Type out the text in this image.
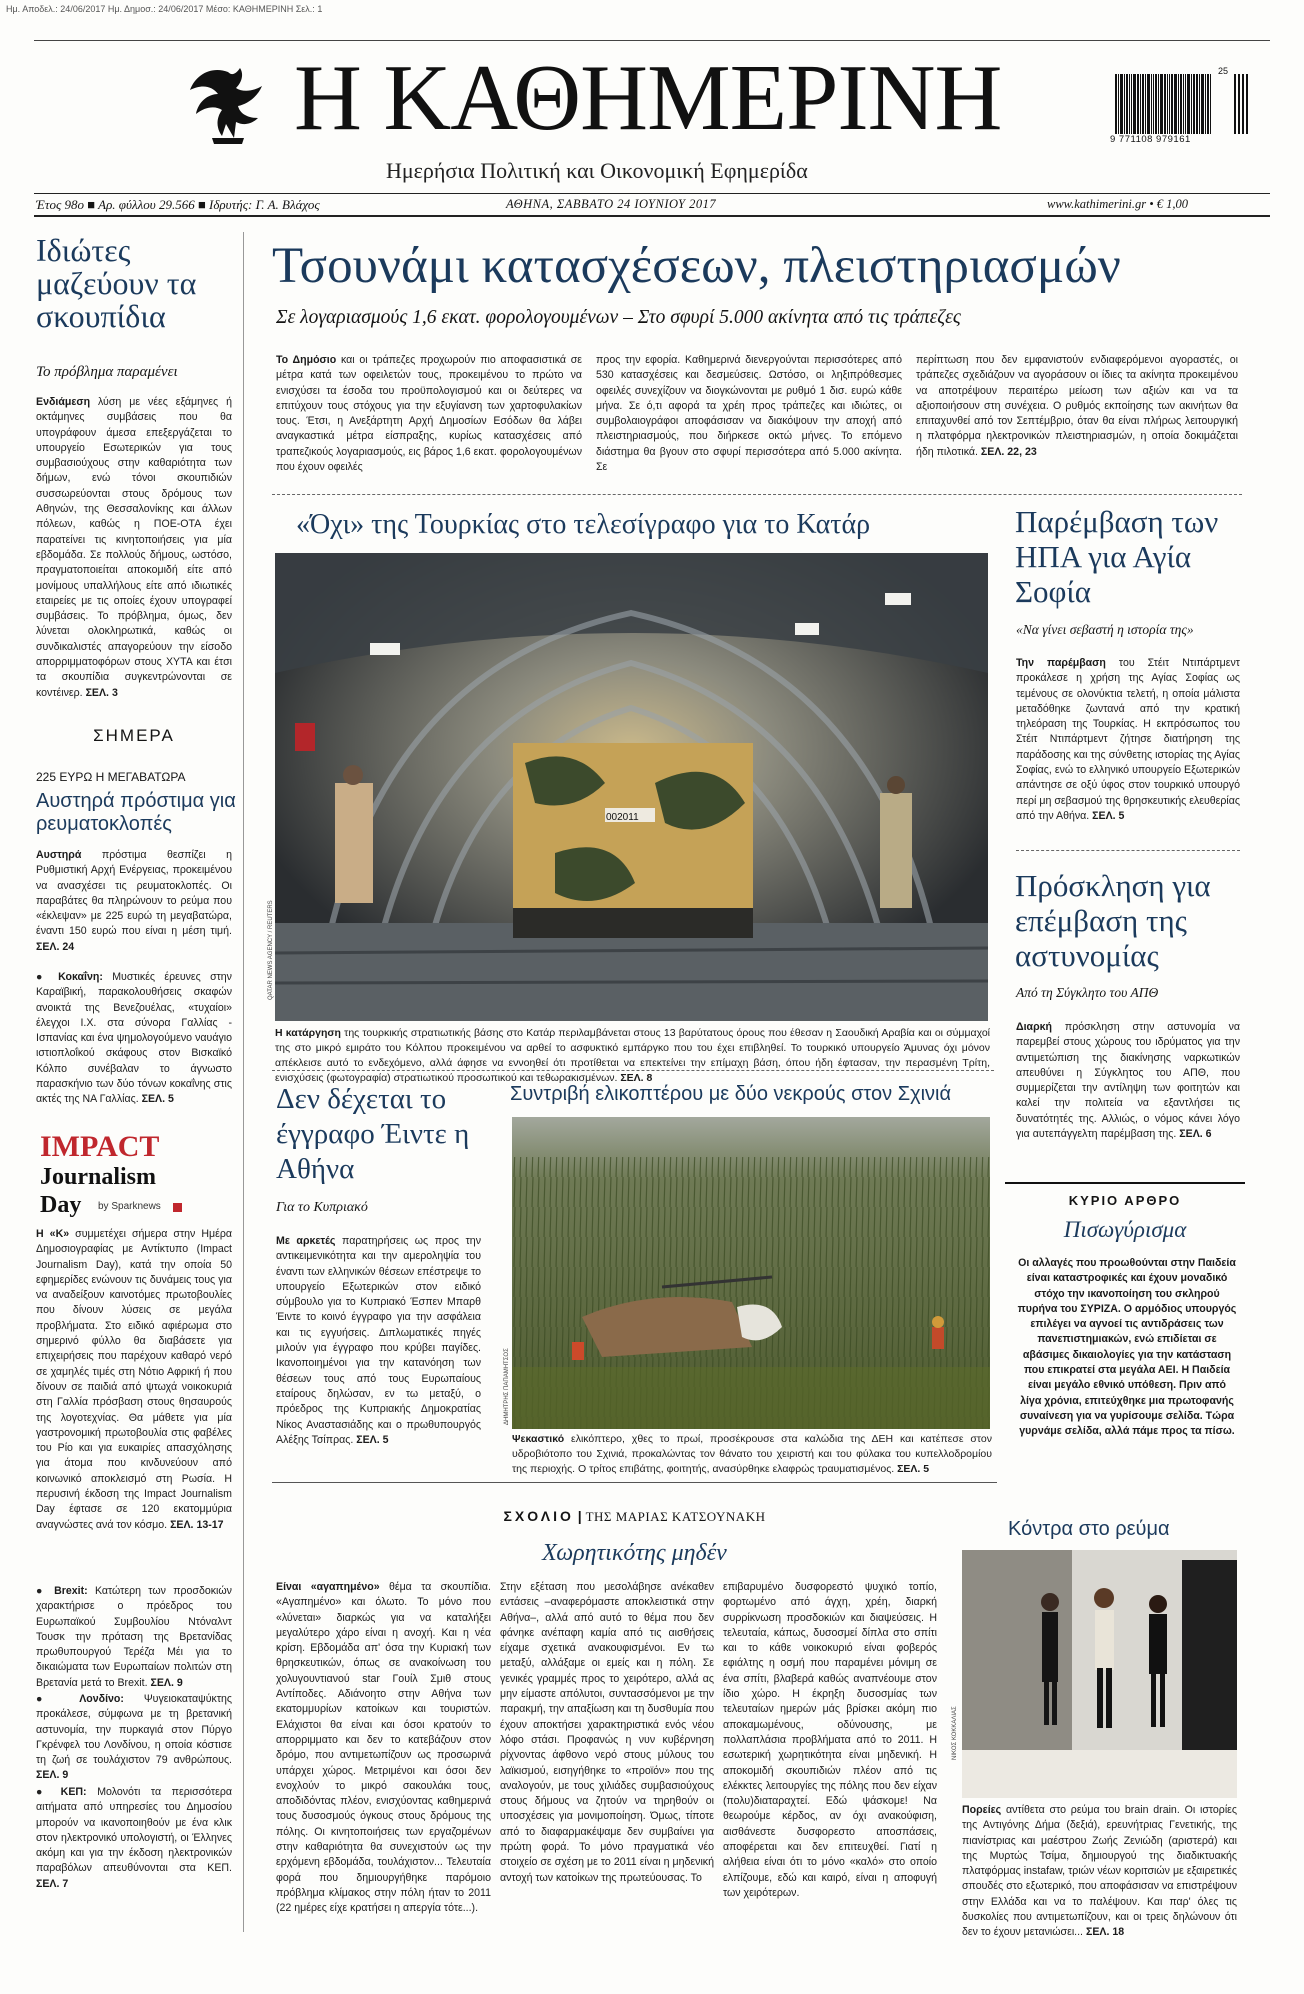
Ημ. Αποδελ.: 24/06/2017 Ημ. Δημοσ.: 24/06/2017 Μέσο: ΚΑΘΗΜΕΡΙΝΗ Σελ.: 1
Η ΚΑΘΗΜΕΡΙΝΗ
Ημερήσια Πολιτική και Οικονομική Εφημερίδα
25
9 771108 979161
Έτος 98ο ■ Αρ. φύλλου 29.566 ■ Ιδρυτής: Γ. Α. Βλάχος	ΑΘΗΝΑ, ΣΑΒΒΑΤΟ 24 ΙΟΥΝΙΟΥ 2017	www.kathimerini.gr • € 1,00
Ιδιώτες μαζεύουν τα σκουπίδια
Το πρόβλημα παραμένει
Ενδιάμεση λύση με νέες εξάμηνες ή οκτάμηνες συμβάσεις που θα υπογράφουν άμεσα επεξεργάζεται το υπουργείο Εσωτερικών για τους συμβασιούχους στην καθαριότητα των δήμων, ενώ τόνοι σκουπιδιών συσσωρεύονται στους δρόμους των Αθηνών, της Θεσσαλονίκης και άλλων πόλεων, καθώς η ΠΟΕ-ΟΤΑ έχει παρατείνει τις κινητοποιήσεις για μία εβδομάδα. Σε πολλούς δήμους, ωστόσο, πραγματοποιείται αποκομιδή είτε από μονίμους υπαλλήλους είτε από ιδιωτικές εταιρείες με τις οποίες έχουν υπογραφεί συμβάσεις. Το πρόβλημα, όμως, δεν λύνεται ολοκληρωτικά, καθώς οι συνδικαλιστές απαγορεύουν την είσοδο απορριμματοφόρων στους ΧΥΤΑ και έτσι τα σκουπίδια συγκεντρώνονται σε κοντέινερ. ΣΕΛ. 3
ΣΗΜΕΡΑ
225 ΕΥΡΩ Η ΜΕΓΑΒΑΤΩΡΑ
Αυστηρά πρόστιμα για ρευματοκλοπές
Αυστηρά πρόστιμα θεσπίζει η Ρυθμιστική Αρχή Ενέργειας, προκειμένου να ανασχέσει τις ρευματοκλοπές. Οι παραβάτες θα πληρώνουν το ρεύμα που «έκλεψαν» με 225 ευρώ τη μεγαβατώρα, έναντι 150 ευρώ που είναι η μέση τιμή. ΣΕΛ. 24
● Κοκαΐνη: Μυστικές έρευνες στην Καραϊβική, παρακολουθήσεις σκαφών ανοικτά της Βενεζουέλας, «τυχαίοι» έλεγχοι Ι.Χ. στα σύνορα Γαλλίας - Ισπανίας και ένα ψημολογούμενο ναυάγιο ιστιοπλοΐκού σκάφους στον Βισκαϊκό Κόλπο συνέβαλαν το άγνωστο παρασκήνιο των δύο τόνων κοκαΐνης στις ακτές της ΝΑ Γαλλίας. ΣΕΛ. 5
IMPACT
Journalism
Day by Sparknews
Η «Κ» συμμετέχει σήμερα στην Ημέρα Δημοσιογραφίας με Αντίκτυπο (Impact Journalism Day), κατά την οποία 50 εφημερίδες ενώνουν τις δυνάμεις τους για να αναδείξουν καινοτόμες πρωτοβουλίες που δίνουν λύσεις σε μεγάλα προβλήματα. Στο ειδικό αφιέρωμα στο σημερινό φύλλο θα διαβάσετε για επιχειρήσεις που παρέχουν καθαρό νερό σε χαμηλές τιμές στη Νότιο Αφρική ή που δίνουν σε παιδιά από ψτωχά νοικοκυριά στη Γαλλία πρόσβαση στους θησαυρούς της λογοτεχνίας. Θα μάθετε για μία γαστρονομική πρωτοβουλία στις φαβέλες του Ρίο και για ευκαιρίες απασχόλησης για άτομα που κινδυνεύουν από κοινωνικό αποκλεισμό στη Ρωσία. Η περυσινή έκδοση της Impact Journalism Day έφτασε σε 120 εκατομμύρια αναγνώστες ανά τον κόσμο. ΣΕΛ. 13-17
● Brexit: Κατώτερη των προσδοκιών χαρακτήρισε ο πρόεδρος του Ευρωπαϊκού Συμβουλίου Ντόναλντ Τουσκ την πρόταση της Βρετανίδας πρωθυπουργού Τερέζα Μέι για το δικαιώματα των Ευρωπαίων πολιτών στη Βρετανία μετά το Brexit. ΣΕΛ. 9
● Λονδίνο: Ψυγειοκαταψύκτης προκάλεσε, σύμφωνα με τη βρετανική αστυνομία, την πυρκαγιά στον Πύργο Γκρένφελ του Λονδίνου, η οποία κόστισε τη ζωή σε τουλάχιστον 79 ανθρώπους. ΣΕΛ. 9
● ΚΕΠ: Μολονότι τα περισσότερα αιτήματα από υπηρεσίες του Δημοσίου μπορούν να ικανοποιηθούν με ένα κλικ στον ηλεκτρονικό υπολογιστή, οι Έλληνες ακόμη και για την έκδοση ηλεκτρονικών παραβόλων απευθύνονται στα ΚΕΠ. ΣΕΛ. 7
Τσουνάμι κατασχέσεων, πλειστηριασμών
Σε λογαριασμούς 1,6 εκατ. φορολογουμένων – Στο σφυρί 5.000 ακίνητα από τις τράπεζες
Το Δημόσιο και οι τράπεζες προχωρούν πιο αποφασιστικά σε μέτρα κατά των οφειλετών τους, προκειμένου το πρώτο να ενισχύσει τα έσοδα του προϋπολογισμού και οι δεύτερες να επιτύχουν τους στόχους για την εξυγίανση των χαρτοφυλακίων τους. Έτσι, η Ανεξάρτητη Αρχή Δημοσίων Εσόδων θα λάβει αναγκαστικά μέτρα είσπραξης, κυρίως κατασχέσεις από τραπεζικούς λογαριασμούς, εις βάρος 1,6 εκατ. φορολογουμένων που έχουν οφειλές
προς την εφορία. Καθημερινά διενεργούνται περισσότερες από 530 κατασχέσεις και δεσμεύσεις. Ωστόσο, οι ληξιπρόθεσμες οφειλές συνεχίζουν να διογκώνονται με ρυθμό 1 δισ. ευρώ κάθε μήνα. Σε ό,τι αφορά τα χρέη προς τράπεζες και ιδιώτες, οι συμβολαιογράφοι αποφάσισαν να διακόψουν την αποχή από πλειστηριασμούς, που διήρκεσε οκτώ μήνες. Το επόμενο διάστημα θα βγουν στο σφυρί περισσότερα από 5.000 ακίνητα. Σε
περίπτωση που δεν εμφανιστούν ενδιαφερόμενοι αγοραστές, οι τράπεζες σχεδιάζουν να αγοράσουν οι ίδιες τα ακίνητα προκειμένου να αποτρέψουν περαιτέρω μείωση των αξιών και να τα αξιοποιήσουν στη συνέχεια. Ο ρυθμός εκποίησης των ακινήτων θα επιταχυνθεί από τον Σεπτέμβριο, όταν θα είναι πλήρως λειτουργική η πλατφόρμα ηλεκτρονικών πλειστηριασμών, η οποία δοκιμάζεται ήδη πιλοτικά. ΣΕΛ. 22, 23
«Όχι» της Τουρκίας στο τελεσίγραφο για το Κατάρ
002011
QATAR NEWS AGENCY / REUTERS
Η κατάργηση της τουρκικής στρατιωτικής βάσης στο Κατάρ περιλαμβάνεται στους 13 βαρύτατους όρους που έθεσαν η Σαουδική Αραβία και οι σύμμαχοί της στο μικρό εμιράτο του Κόλπου προκειμένου να αρθεί το ασφυκτικό εμπάργκο που του έχει επιβληθεί. Το τουρκικό υπουργείο Άμυνας όχι μόνον απέκλεισε αυτό το ενδεχόμενο, αλλά άφησε να εννοηθεί ότι προτίθεται να επεκτείνει την επίμαχη βάση, όπου ήδη έφτασαν, την περασμένη Τρίτη, ενισχύσεις (φωτογραφία) στρατιωτικού προσωπικού και τεθωρακισμένων. ΣΕΛ. 8
Παρέμβαση των ΗΠΑ για Αγία Σοφία
«Να γίνει σεβαστή η ιστορία της»
Την παρέμβαση του Στέιτ Ντιπάρτμεντ προκάλεσε η χρήση της Αγίας Σοφίας ως τεμένους σε ολονύκτια τελετή, η οποία μάλιστα μεταδόθηκε ζωντανά από την κρατική τηλεόραση της Τουρκίας. Η εκπρόσωπος του Στέιτ Ντιπάρτμεντ ζήτησε διατήρηση της παράδοσης και της σύνθετης ιστορίας της Αγίας Σοφίας, ενώ το ελληνικό υπουργείο Εξωτερικών απάντησε σε οξύ ύφος στον τουρκικό υπουργό περί μη σεβασμού της θρησκευτικής ελευθερίας από την Αθήνα. ΣΕΛ. 5
Πρόσκληση για επέμβαση της αστυνομίας
Από τη Σύγκλητο του ΑΠΘ
Διαρκή πρόσκληση στην αστυνομία να παρεμβεί στους χώρους του ιδρύματος για την αντιμετώπιση της διακίνησης ναρκωτικών απευθύνει η Σύγκλητος του ΑΠΘ, που συμμερίζεται την αντίληψη των φοιτητών και καλεί την πολιτεία να εξαντλήσει τις δυνατότητές της. Αλλιώς, ο νόμος κάνει λόγο για αυτεπάγγελτη παρέμβαση της. ΣΕΛ. 6
ΚΥΡΙΟ ΑΡΘΡΟ
Πισωγύρισμα
Οι αλλαγές που προωθούνται στην Παιδεία είναι καταστροφικές και έχουν μοναδικό στόχο την ικανοποίηση του σκληρού πυρήνα του ΣΥΡΙΖΑ. Ο αρμόδιος υπουργός επιλέγει να αγνοεί τις αντιδράσεις των πανεπιστημιακών, ενώ επιδίεται σε αβάσιμες δικαιολογίες για την κατάσταση που επικρατεί στα μεγάλα ΑΕΙ. Η Παιδεία είναι μεγάλο εθνικό υπόθεση. Πριν από λίγα χρόνια, επιτεύχθηκε μια πρωτοφανής συναίνεση για να γυρίσουμε σελίδα. Τώρα γυρνάμε σελίδα, αλλά πάμε προς τα πίσω.
Δεν δέχεται το έγγραφο Έιντε η Αθήνα
Για το Κυπριακό
Με αρκετές παρατηρήσεις ως προς την αντικειμενικότητα και την αμεροληψία του έναντι των ελληνικών θέσεων επέστρεψε το υπουργείο Εξωτερικών στον ειδικό σύμβουλο για το Κυπριακό Έσπεν Μπαρθ Έιντε το κοινό έγγραφο για την ασφάλεια και τις εγγυήσεις. Διπλωματικές πηγές μιλούν για έγγραφο που κρύβει παγίδες. Ικανοποιημένοι για την κατανόηση των θέσεων τους από τους Ευρωπαίους εταίρους δηλώσαν, εν τω μεταξύ, ο πρόεδρος της Κυπριακής Δημοκρατίας Νίκος Αναστασιάδης και ο πρωθυπουργός Αλέξης Τσίπρας. ΣΕΛ. 5
Συντριβή ελικοπτέρου με δύο νεκρούς στον Σχινιά
ΔΗΜΗΤΡΗΣ ΠΑΠΑΜΗΤΣΟΣ
Ψεκαστικό ελικόπτερο, χθες το πρωί, προσέκρουσε στα καλώδια της ΔΕΗ και κατέπεσε στον υδροβιότοπο του Σχινιά, προκαλώντας τον θάνατο του χειριστή και του φύλακα του κυπελλοδρομίου της περιοχής. Ο τρίτος επιβάτης, φοιτητής, ανασύρθηκε ελαφρώς τραυματισμένος. ΣΕΛ. 5
ΣΧΟΛΙΟ | ΤΗΣ ΜΑΡΙΑΣ ΚΑΤΣΟΥΝΑΚΗ
Χωρητικότης μηδέν
Είναι «αγαπημένο» θέμα τα σκουπίδια. «Αγαπημένο» και όλωτο. Το μόνο που «λύνεται» διαρκώς για να καταλήξει μεγαλύτερο χάρο είναι η ανοχή. Και η νέα κρίση. Εβδομάδα απ' όσα την Κυριακή των θρησκευτικών, όπως σε ανακοίνωση του χολυγουντιανού star Γουίλ Σμιθ στους Αντίποδες. Αδιάνοητο στην Αθήνα των εκατομμυρίων κατοίκων και τουριστών. Ελάχιστοι θα είναι και όσοι κρατούν το απορριμματο και δεν το κατεβάζουν στον δρόμο, που αντιμετωπίζουν ως προσωρινά υπάρχει χώρος. Μετριμένοι και όσοι δεν ενοχλούν το μικρό σακουλάκι τους, αποδιδόντας πλέον, ενισχύοντας καθημερινά τους δυσοσμούς όγκους στους δρόμους της πόλης. Οι κινητοποιήσεις των εργαζομένων στην καθαριότητα θα συνεχιστούν ως την ερχόμενη εβδομάδα, τουλάχιστον... Τελευταία φορά που δημιουργήθηκε παρόμοιο πρόβλημα κλίμακος στην πόλη ήταν το 2011 (22 ημέρες είχε κρατήσει η απεργία τότε...).
Στην εξέταση που μεσολάβησε ανέκαθεν εντάσεις –αναφερόμαστε αποκλειστικά στην Αθήνα–, αλλά από αυτό το θέμα που δεν φάνηκε ανέπαφη καμία από τις αισθήσεις είχαμε σχετικά ανακουφισμένοι. Εν τω μεταξύ, αλλάξαμε οι εμείς και η πόλη. Σε γενικές γραμμές προς το χειρότερο, αλλά ας μην είμαστε απόλυτοι, συντασσόμενοι με την παρακμή, την απαξίωση και τη δυσθυμία που έχουν αποκτήσει χαρακτηριστικά ενός νέου λόφο στάσι. Προφανώς η νυν κυβέρνηση ρίχνοντας άφθονο νερό στους μύλους του λαϊκισμού, εισηγήθηκε το «προϊόν» που της αναλογούν, με τους χιλιάδες συμβασιούχους στους δήμους να ζητούν να τηρηθούν οι υποσχέσεις για μονιμοποίηση. Όμως, τίποτε από το διαφαρμακέψαμε δεν συμβαίνει για πρώτη φορά. Το μόνο πραγματικά νέο στοιχείο σε σχέση με το 2011 είναι η μηδενική αντοχή των κατοίκων της πρωτεύουσας. Το
επιβαρυμένο δυσφορεστό ψυχικό τοπίο, φορτωμένο από άγχη, χρέη, διαρκή συρρίκνωση προσδοκιών και διαψεύσεις. Η τελευταία, κάπως, δυσοσμεί δίπλα στο σπίτι και το κάθε νοικοκυριό είναι φοβερός εφιάλτης η οσμή που παραμένει μόνιμη σε ένα σπίτι, βλαβερά καθώς αναπνέουμε στον ίδιο χώρο. Η έκρηξη δυσοσμίας των τελευταίων ημερών μάς βρίσκει ακόμη πιο αποκαμωμένους, οδύνουσης, με πολλαπλάσια προβλήματα από το 2011. Η εσωτερική χωρητικότητα είναι μηδενική. Η αποκομιδή σκουπιδιών πλέον από τις ελέκκτες λειτουργίες της πόλης που δεν είχαν (πολυ)διαταραχτεί. Εδώ ψάσκομε! Να θεωρούμε κέρδος, αν όχι ανακούφιση, αισθάνεστε δυσφορεστο αποσπάσεις, αποφέρεται και δεν επιτευχθεί. Γιατί η αλήθεια είναι ότι το μόνο «καλό» στο οποίο ελπίζουμε, εδώ και καιρό, είναι η αποφυγή των χειρότερων.
Κόντρα στο ρεύμα
ΝΙΚΟΣ ΚΟΚΚΑΛΙΑΣ
Πορείες αντίθετα στο ρεύμα του brain drain. Οι ιστορίες της Αντιγόνης Δήμα (δεξιά), ερευνήτριας Γενετικής, της πιανίστριας και μαέστρου Ζωής Ζενιώδη (αριστερά) και της Μυρτώς Τσίμα, δημιουργού της διαδικτυακής πλατφόρμας instafaw, τριών νέων κοριτσιών με εξαιρετικές σπουδές στο εξωτερικό, που αποφάσισαν να επιστρέψουν στην Ελλάδα και να το παλέψουν. Και παρ' όλες τις δυσκολίες που αντιμετωπίζουν, και οι τρεις δηλώνουν ότι δεν το έχουν μετανιώσει... ΣΕΛ. 18
